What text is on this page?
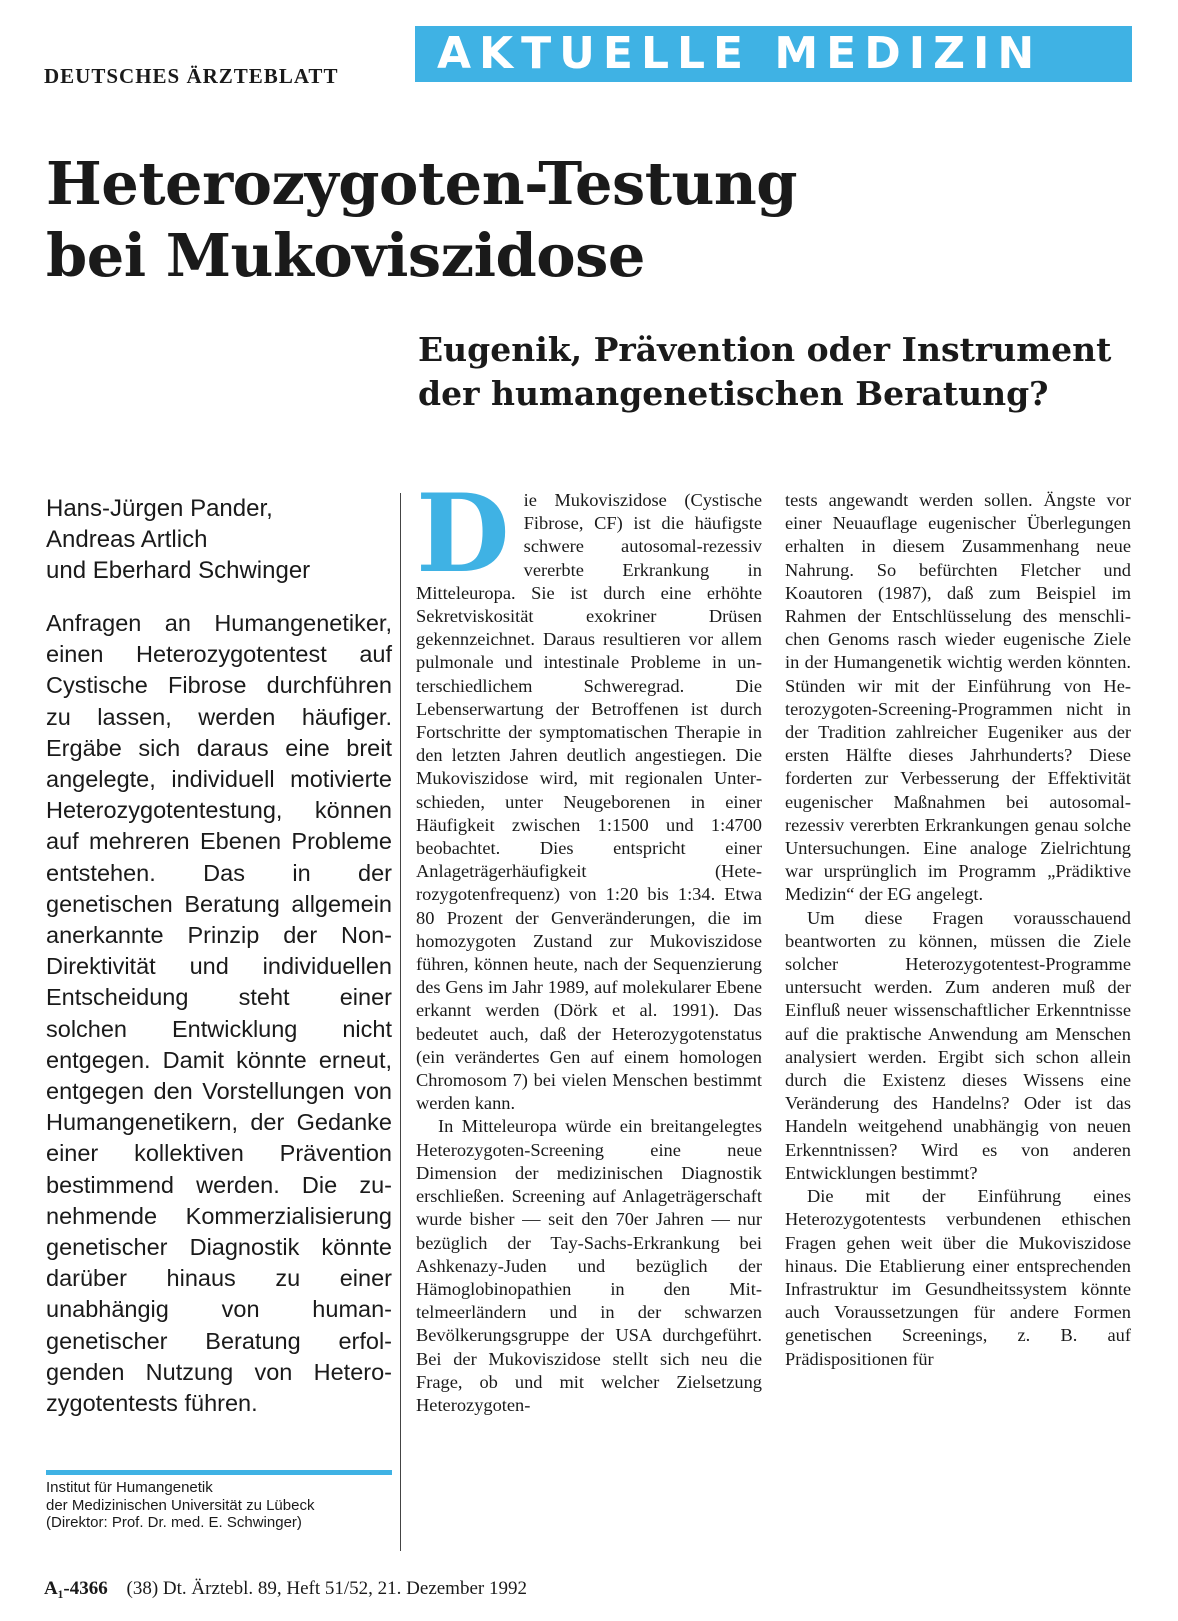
DEUTSCHES ÄRZTEBLATT	AKTUELLE MEDIZIN
Heterozygoten-Testung
bei Mukoviszidose
Eugenik, Prävention oder Instrument der humangenetischen Beratung?
Hans-Jürgen Pander,
Andreas Artlich
und Eberhard Schwinger
Anfragen an Humangenetiker, einen Heterozygotentest auf Cystische Fibrose durchführen zu lassen, werden häufiger. Ergäbe sich daraus eine breit angelegte, individuell motivierte Heterozygotentestung, können auf mehreren Ebenen Probleme entstehen. Das in der genetischen Beratung allgemein anerkannte Prinzip der Non-Direktivität und individuellen Entscheidung steht einer solchen Entwicklung nicht entgegen. Damit könnte erneut, entgegen den Vorstellungen von Humangenetikern, der Gedanke einer kollektiven Prävention bestimmend werden. Die zunehmende Kommerzialisierung genetischer Diagnostik könnte darüber hinaus zu einer unabhängig von humangenetischer Beratung erfolgenden Nutzung von Heterozygotentests führen.
Institut für Humangenetik
der Medizinischen Universität zu Lübeck
(Direktor: Prof. Dr. med. E. Schwinger)

Die Mukoviszidose (Cystische Fibrose, CF) ist die häufigste schwere autosomal-rezessiv vererbte Erkrankung in Mitteleuropa. Sie ist durch eine erhöhte Sekretviskosität exokriner Drüsen gekennzeichnet. Daraus resultieren vor allem pulmonale und intestinale Probleme in unterschiedlichem Schweregrad. Die Lebenserwartung der Betroffenen ist durch Fortschritte der symptomatischen Therapie in den letzten Jahren deutlich angestiegen. Die Mukoviszidose wird, mit regionalen Unterschieden, unter Neugeborenen in einer Häufigkeit zwischen 1:1500 und 1:4700 beobachtet. Dies entspricht einer Anlageträgerhäufigkeit (Heterozygotenfrequenz) von 1:20 bis 1:34. Etwa 80 Prozent der Genveränderungen, die im homozygoten Zustand zur Mukoviszidose führen, können heute, nach der Sequenzierung des Gens im Jahr 1989, auf molekularer Ebene erkannt werden (Dörk et al. 1991). Das bedeutet auch, daß der Heterozygotenstatus (ein verändertes Gen auf einem homologen Chromosom 7) bei vielen Menschen bestimmt werden kann.

In Mitteleuropa würde ein breitangelegtes Heterozygoten-Screening eine neue Dimension der medizinischen Diagnostik erschließen. Screening auf Anlageträgerschaft wurde bisher — seit den 70er Jahren — nur bezüglich der Tay-Sachs-Erkrankung bei Ashkenazy-Juden und bezüglich der Hämoglobinopathien in den Mittelmeerländern und in der schwarzen Bevölkerungsgruppe der USA durchgeführt. Bei der Mukoviszidose stellt sich neu die Frage, ob und mit welcher Zielsetzung Heterozygoten-

tests angewandt werden sollen. Ängste vor einer Neuauflage eugenischer Überlegungen erhalten in diesem Zusammenhang neue Nahrung. So befürchten Fletcher und Koautoren (1987), daß zum Beispiel im Rahmen der Entschlüsselung des menschlichen Genoms rasch wieder eugenische Ziele in der Humangenetik wichtig werden könnten. Stünden wir mit der Einführung von Heterozygoten-Screening-Programmen nicht in der Tradition zahlreicher Eugeniker aus der ersten Hälfte dieses Jahrhunderts? Diese forderten zur Verbesserung der Effektivität eugenischer Maßnahmen bei autosomal-rezessiv vererbten Erkrankungen genau solche Untersuchungen. Eine analoge Zielrichtung war ursprünglich im Programm „Prädiktive Medizin“ der EG angelegt.

Um diese Fragen vorausschauend beantworten zu können, müssen die Ziele solcher Heterozygotentest-Programme untersucht werden. Zum anderen muß der Einfluß neuer wissenschaftlicher Erkenntnisse auf die praktische Anwendung am Menschen analysiert werden. Ergibt sich schon allein durch die Existenz dieses Wissens eine Veränderung des Handelns? Oder ist das Handeln weitgehend unabhängig von neuen Erkenntnissen? Wird es von anderen Entwicklungen bestimmt?

Die mit der Einführung eines Heterozygotentests verbundenen ethischen Fragen gehen weit über die Mukoviszidose hinaus. Die Etablierung einer entsprechenden Infrastruktur im Gesundheitssystem könnte auch Voraussetzungen für andere Formen genetischen Screenings, z. B. auf Prädispositionen für

A₁-4366 (38) Dt. Ärztebl. 89, Heft 51/52, 21. Dezember 1992
